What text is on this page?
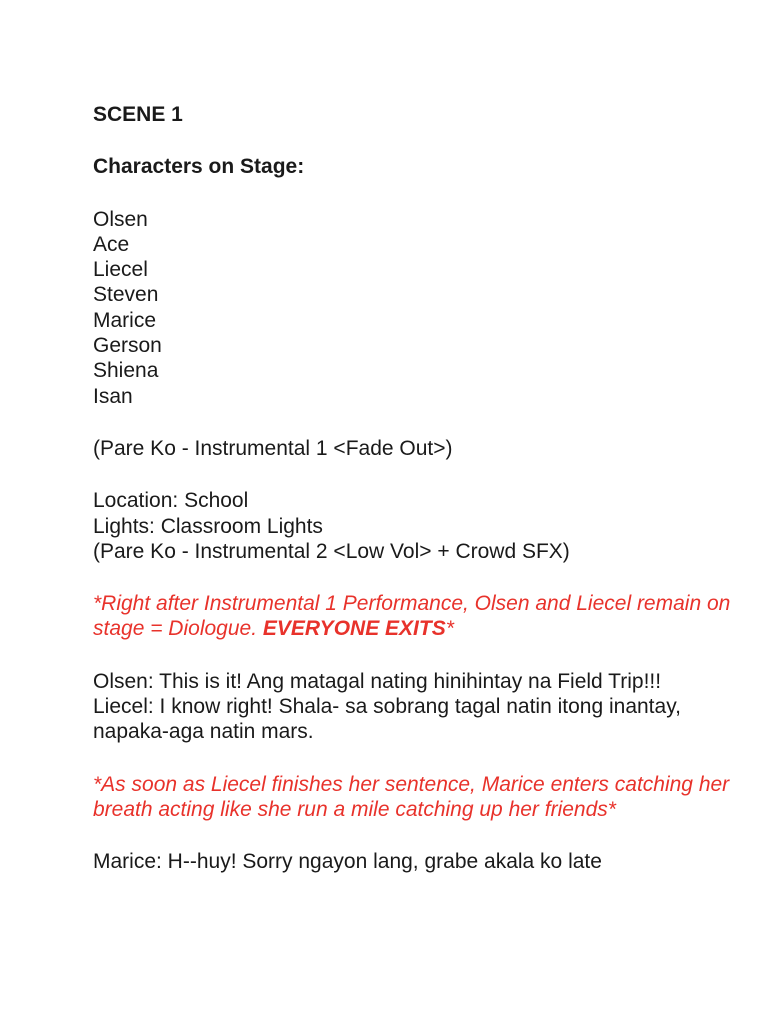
SCENE 1

Characters on Stage:

Olsen
Ace
Liecel
Steven
Marice
Gerson
Shiena
Isan

(Pare Ko - Instrumental 1 <Fade Out>)

Location: School

Lights: Classroom Lights

(Pare Ko - Instrumental 2 <Low Vol> + Crowd SFX)

*Right after Instrumental 1 Performance, Olsen and Liecel remain on stage = Diologue. EVERYONE EXITS*

Olsen: This is it! Ang matagal nating hinihintay na Field Trip!!!

Liecel: I know right! Shala- sa sobrang tagal natin itong inantay, napaka-aga natin mars.

*As soon as Liecel finishes her sentence, Marice enters catching her breath acting like she run a mile catching up her friends*

Marice: H--huy! Sorry ngayon lang, grabe akala ko late
